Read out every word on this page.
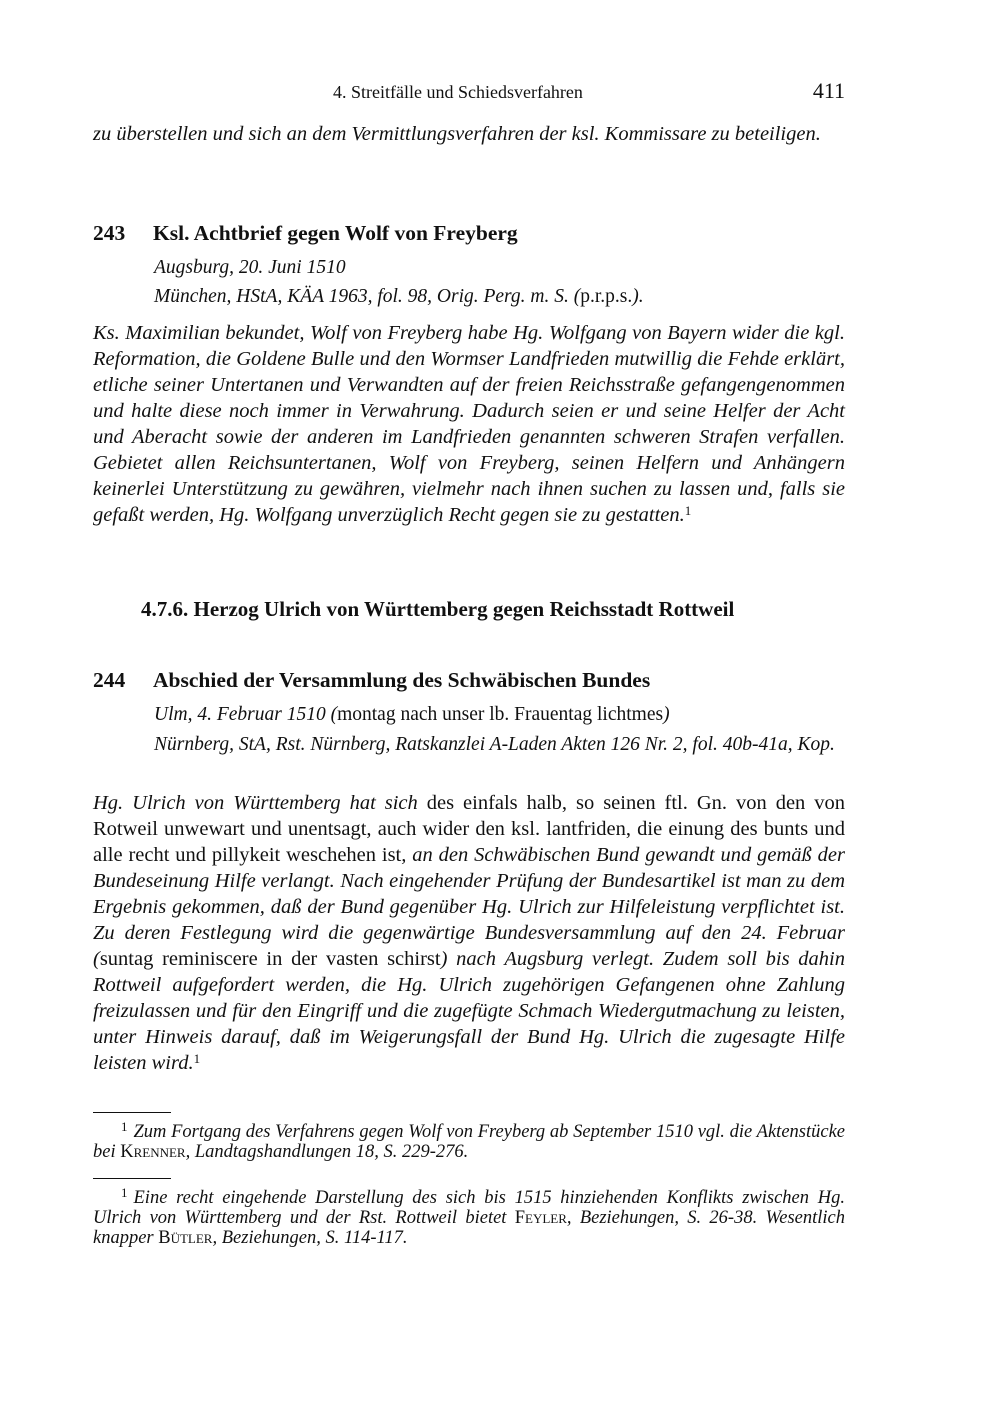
4. Streitfälle und Schiedsverfahren	411
zu überstellen und sich an dem Vermittlungsverfahren der ksl. Kommissare zu beteiligen.
243 Ksl. Achtbrief gegen Wolf von Freyberg
Augsburg, 20. Juni 1510
München, HStA, KÄA 1963, fol. 98, Orig. Perg. m. S. (p.r.p.s.).
Ks. Maximilian bekundet, Wolf von Freyberg habe Hg. Wolfgang von Bayern wider die kgl. Reformation, die Goldene Bulle und den Wormser Landfrieden mutwillig die Fehde erklärt, etliche seiner Untertanen und Verwandten auf der freien Reichsstraße gefangengenommen und halte diese noch immer in Verwahrung. Dadurch seien er und seine Helfer der Acht und Aberacht sowie der anderen im Landfrieden genannten schweren Strafen verfallen. Gebietet allen Reichsuntertanen, Wolf von Freyberg, seinen Helfern und Anhängern keinerlei Unterstützung zu gewähren, vielmehr nach ihnen suchen zu lassen und, falls sie gefaßt werden, Hg. Wolfgang unverzüglich Recht gegen sie zu gestatten.$^1$
4.7.6. Herzog Ulrich von Württemberg gegen Reichsstadt Rottweil
244 Abschied der Versammlung des Schwäbischen Bundes
Ulm, 4. Februar 1510 (montag nach unser lb. Frauentag lichtmes)
Nürnberg, StA, Rst. Nürnberg, Ratskanzlei A-Laden Akten 126 Nr. 2, fol. 40b-41a, Kop.
Hg. Ulrich von Württemberg hat sich des einfals halb, so seinen ftl. Gn. von den von Rotweil unwewart und unentsagt, auch wider den ksl. lantfriden, die einung des bunts und alle recht und pillykeit weschehen ist, an den Schwäbischen Bund gewandt und gemäß der Bundeseinung Hilfe verlangt. Nach eingehender Prüfung der Bundesartikel ist man zu dem Ergebnis gekommen, daß der Bund gegenüber Hg. Ulrich zur Hilfeleistung verpflichtet ist. Zu deren Festlegung wird die gegenwärtige Bundesversammlung auf den 24. Februar (suntag reminiscere in der vasten schirst) nach Augsburg verlegt. Zudem soll bis dahin Rottweil aufgefordert werden, die Hg. Ulrich zugehörigen Gefangenen ohne Zahlung freizulassen und für den Eingriff und die zugefügte Schmach Wiedergutmachung zu leisten, unter Hinweis darauf, daß im Weigerungsfall der Bund Hg. Ulrich die zugesagte Hilfe leisten wird.$^1$
$^1$ Zum Fortgang des Verfahrens gegen Wolf von Freyberg ab September 1510 vgl. die Aktenstücke bei Krenner, Landtagshandlungen 18, S. 229-276.
$^1$ Eine recht eingehende Darstellung des sich bis 1515 hinziehenden Konflikts zwischen Hg. Ulrich von Württemberg und der Rst. Rottweil bietet Feyler, Beziehungen, S. 26-38. Wesentlich knapper Bütler, Beziehungen, S. 114-117.
